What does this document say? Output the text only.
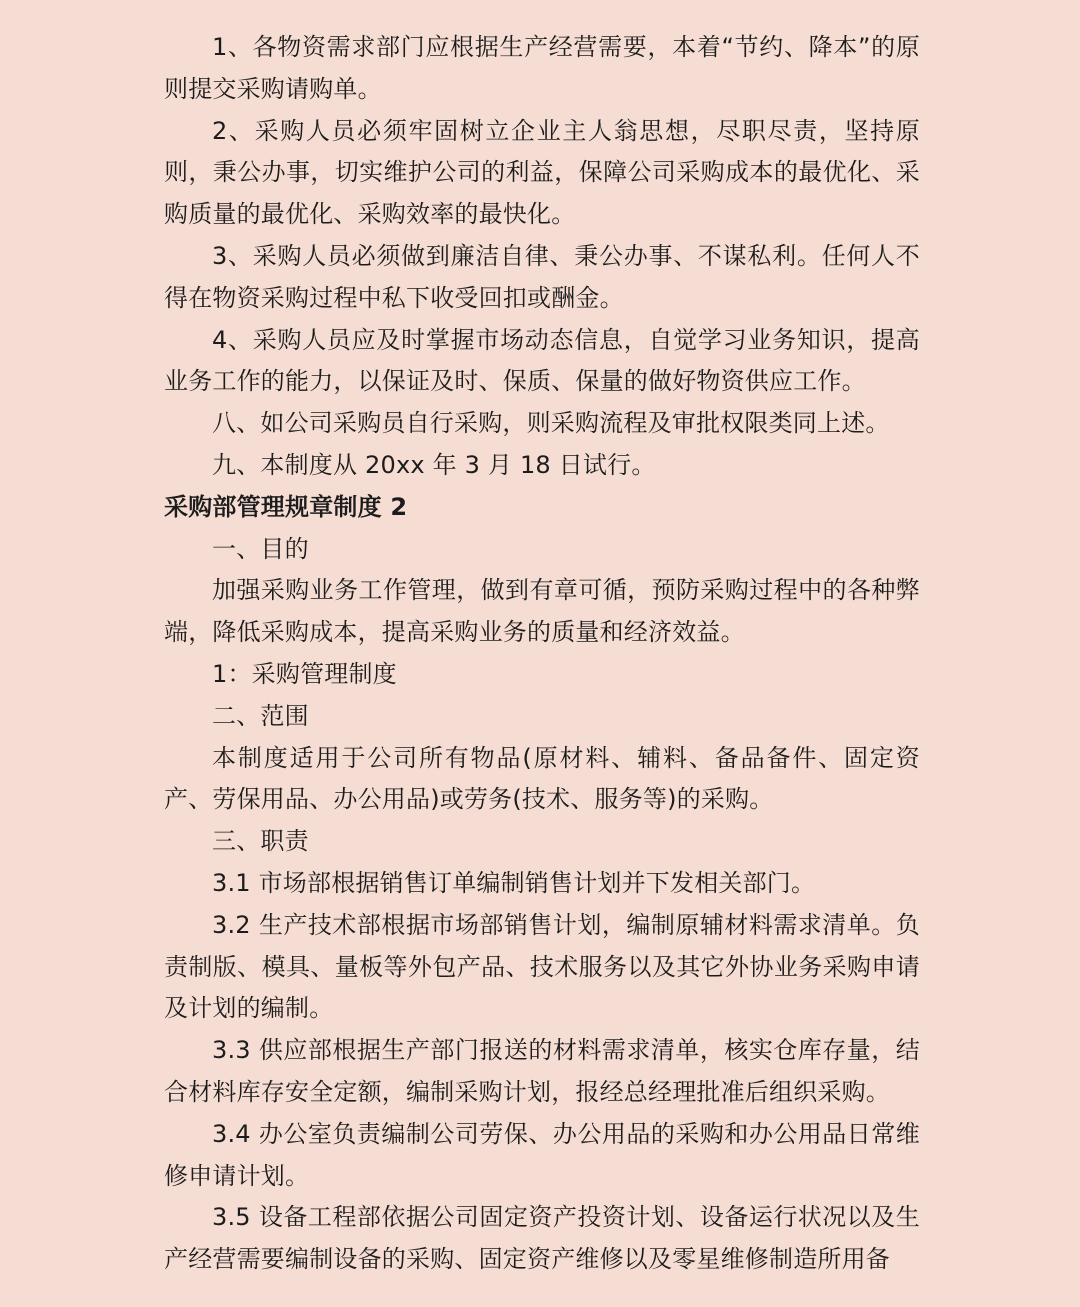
1、各物资需求部门应根据生产经营需要，本着“节约、降本”的原则提交采购请购单。

2、采购人员必须牢固树立企业主人翁思想，尽职尽责，坚持原则，秉公办事，切实维护公司的利益，保障公司采购成本的最优化、采购质量的最优化、采购效率的最快化。

3、采购人员必须做到廉洁自律、秉公办事、不谋私利。任何人不得在物资采购过程中私下收受回扣或酬金。

4、采购人员应及时掌握市场动态信息，自觉学习业务知识，提高业务工作的能力，以保证及时、保质、保量的做好物资供应工作。

八、如公司采购员自行采购，则采购流程及审批权限类同上述。

九、本制度从 20xx 年 3 月 18 日试行。

采购部管理规章制度 2

一、目的

加强采购业务工作管理，做到有章可循，预防采购过程中的各种弊端，降低采购成本，提高采购业务的质量和经济效益。

1：采购管理制度

二、范围

本制度适用于公司所有物品(原材料、辅料、备品备件、固定资产、劳保用品、办公用品)或劳务(技术、服务等)的采购。

三、职责

3.1 市场部根据销售订单编制销售计划并下发相关部门。

3.2 生产技术部根据市场部销售计划，编制原辅材料需求清单。负责制版、模具、量板等外包产品、技术服务以及其它外协业务采购申请及计划的编制。

3.3 供应部根据生产部门报送的材料需求清单，核实仓库存量，结合材料库存安全定额，编制采购计划，报经总经理批准后组织采购。

3.4 办公室负责编制公司劳保、办公用品的采购和办公用品日常维修申请计划。

3.5 设备工程部依据公司固定资产投资计划、设备运行状况以及生产经营需要编制设备的采购、固定资产维修以及零星维修制造所用备
